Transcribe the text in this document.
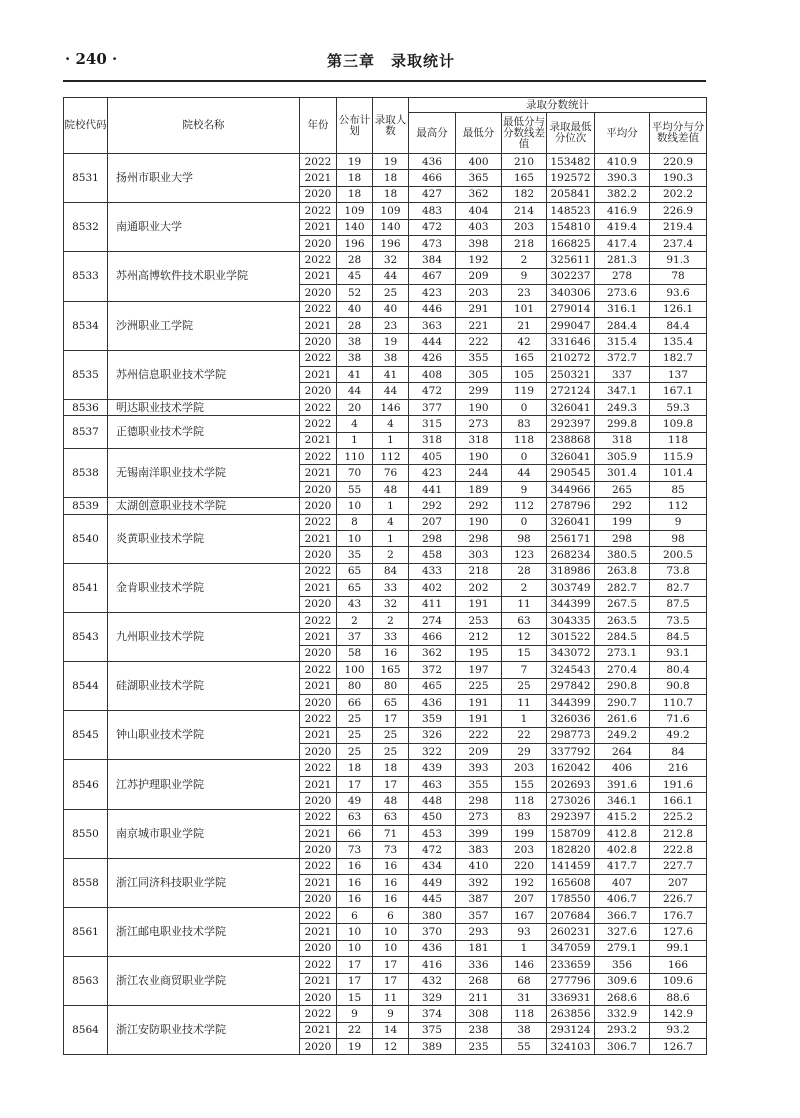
· 240 ·	第三章　录取统计
院校代码	院校名称	年份	公布计划	录取人数	录取分数统计					
					最高分	最低分	最低分与分数线差值	录取最低分位次	平均分	平均分与分数线差值
8531	扬州市职业大学	2022	19	19	436	400	210	153482	410.9	220.9
		2021	18	18	466	365	165	192572	390.3	190.3
		2020	18	18	427	362	182	205841	382.2	202.2
8532	南通职业大学	2022	109	109	483	404	214	148523	416.9	226.9
		2021	140	140	472	403	203	154810	419.4	219.4
		2020	196	196	473	398	218	166825	417.4	237.4
8533	苏州高博软件技术职业学院	2022	28	32	384	192	2	325611	281.3	91.3
		2021	45	44	467	209	9	302237	278	78
		2020	52	25	423	203	23	340306	273.6	93.6
8534	沙洲职业工学院	2022	40	40	446	291	101	279014	316.1	126.1
		2021	28	23	363	221	21	299047	284.4	84.4
		2020	38	19	444	222	42	331646	315.4	135.4
8535	苏州信息职业技术学院	2022	38	38	426	355	165	210272	372.7	182.7
		2021	41	41	408	305	105	250321	337	137
		2020	44	44	472	299	119	272124	347.1	167.1
8536	明达职业技术学院	2022	20	146	377	190	0	326041	249.3	59.3
8537	正德职业技术学院	2022	4	4	315	273	83	292397	299.8	109.8
		2021	1	1	318	318	118	238868	318	118
8538	无锡南洋职业技术学院	2022	110	112	405	190	0	326041	305.9	115.9
		2021	70	76	423	244	44	290545	301.4	101.4
		2020	55	48	441	189	9	344966	265	85
8539	太湖创意职业技术学院	2020	10	1	292	292	112	278796	292	112
8540	炎黄职业技术学院	2022	8	4	207	190	0	326041	199	9
		2021	10	1	298	298	98	256171	298	98
		2020	35	2	458	303	123	268234	380.5	200.5
8541	金肯职业技术学院	2022	65	84	433	218	28	318986	263.8	73.8
		2021	65	33	402	202	2	303749	282.7	82.7
		2020	43	32	411	191	11	344399	267.5	87.5
8543	九州职业技术学院	2022	2	2	274	253	63	304335	263.5	73.5
		2021	37	33	466	212	12	301522	284.5	84.5
		2020	58	16	362	195	15	343072	273.1	93.1
8544	硅湖职业技术学院	2022	100	165	372	197	7	324543	270.4	80.4
		2021	80	80	465	225	25	297842	290.8	90.8
		2020	66	65	436	191	11	344399	290.7	110.7
8545	钟山职业技术学院	2022	25	17	359	191	1	326036	261.6	71.6
		2021	25	25	326	222	22	298773	249.2	49.2
		2020	25	25	322	209	29	337792	264	84
8546	江苏护理职业学院	2022	18	18	439	393	203	162042	406	216
		2021	17	17	463	355	155	202693	391.6	191.6
		2020	49	48	448	298	118	273026	346.1	166.1
8550	南京城市职业学院	2022	63	63	450	273	83	292397	415.2	225.2
		2021	66	71	453	399	199	158709	412.8	212.8
		2020	73	73	472	383	203	182820	402.8	222.8
8558	浙江同济科技职业学院	2022	16	16	434	410	220	141459	417.7	227.7
		2021	16	16	449	392	192	165608	407	207
		2020	16	16	445	387	207	178550	406.7	226.7
8561	浙江邮电职业技术学院	2022	6	6	380	357	167	207684	366.7	176.7
		2021	10	10	370	293	93	260231	327.6	127.6
		2020	10	10	436	181	1	347059	279.1	99.1
8563	浙江农业商贸职业学院	2022	17	17	416	336	146	233659	356	166
		2021	17	17	432	268	68	277796	309.6	109.6
		2020	15	11	329	211	31	336931	268.6	88.6
8564	浙江安防职业技术学院	2022	9	9	374	308	118	263856	332.9	142.9
		2021	22	14	375	238	38	293124	293.2	93.2
		2020	19	12	389	235	55	324103	306.7	126.7
